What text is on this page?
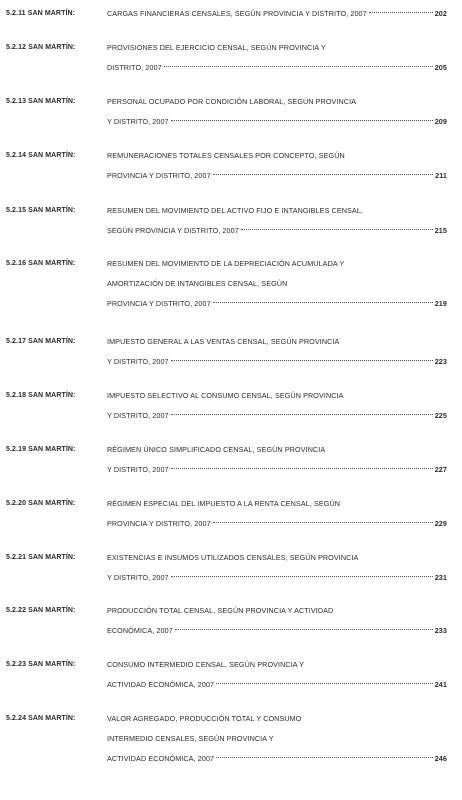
5.2.11 SAN MARTÍN:	CARGAS FINANCIERAS CENSALES, SEGÚN PROVINCIA Y DISTRITO, 2007	202
5.2.12 SAN MARTÍN:	PROVISIONES DEL EJERCICIO CENSAL, SEGÚN PROVINCIA Y
DISTRITO, 2007	205
5.2.13 SAN MARTÍN:	PERSONAL OCUPADO POR CONDICIÓN LABORAL, SEGÚN PROVINCIA
Y DISTRITO, 2007	209
5.2.14 SAN MARTÍN:	REMUNERACIONES TOTALES CENSALES POR CONCEPTO, SEGÚN
PROVINCIA Y DISTRITO, 2007	211
5.2.15 SAN MARTÍN:	RESUMEN DEL MOVIMIENTO DEL ACTIVO FIJO E INTANGIBLES CENSAL,
SEGÚN PROVINCIA Y DISTRITO, 2007	215
5.2.16 SAN MARTÍN:	RESUMEN DEL MOVIMIENTO DE LA DEPRECIACIÓN ACUMULADA Y
AMORTIZACIÓN DE INTANGIBLES CENSAL, SEGÚN
PROVINCIA Y DISTRITO, 2007	219
5.2.17 SAN MARTÍN:	IMPUESTO GENERAL A LAS VENTAS CENSAL, SEGÚN PROVINCIA
Y DISTRITO, 2007	223
5.2.18 SAN MARTÍN:	IMPUESTO SELECTIVO AL CONSUMO CENSAL, SEGÚN PROVINCIA
Y DISTRITO, 2007	225
5.2.19 SAN MARTÍN:	RÉGIMEN ÚNICO SIMPLIFICADO CENSAL, SEGÚN PROVINCIA
Y DISTRITO, 2007	227
5.2.20 SAN MARTÍN:	RÉGIMEN ESPECIAL DEL IMPUESTO A LA RENTA CENSAL, SEGÚN
PROVINCIA Y DISTRITO, 2007	229
5.2.21 SAN MARTÍN:	EXISTENCIAS E INSUMOS UTILIZADOS CENSALES, SEGÚN PROVINCIA
Y DISTRITO, 2007	231
5.2.22 SAN MARTÍN:	PRODUCCIÓN TOTAL CENSAL, SEGÚN PROVINCIA Y ACTIVIDAD
ECONÓMICA, 2007	233
5.2.23 SAN MARTÍN:	CONSUMO INTERMEDIO CENSAL, SEGÚN PROVINCIA Y
ACTIVIDAD ECONÓMICA, 2007	241
5.2.24 SAN MARTÍN:	VALOR AGREGADO, PRODUCCIÓN TOTAL Y CONSUMO
INTERMEDIO CENSALES, SEGÚN PROVINCIA Y
ACTIVIDAD ECONÓMICA, 2007	246
